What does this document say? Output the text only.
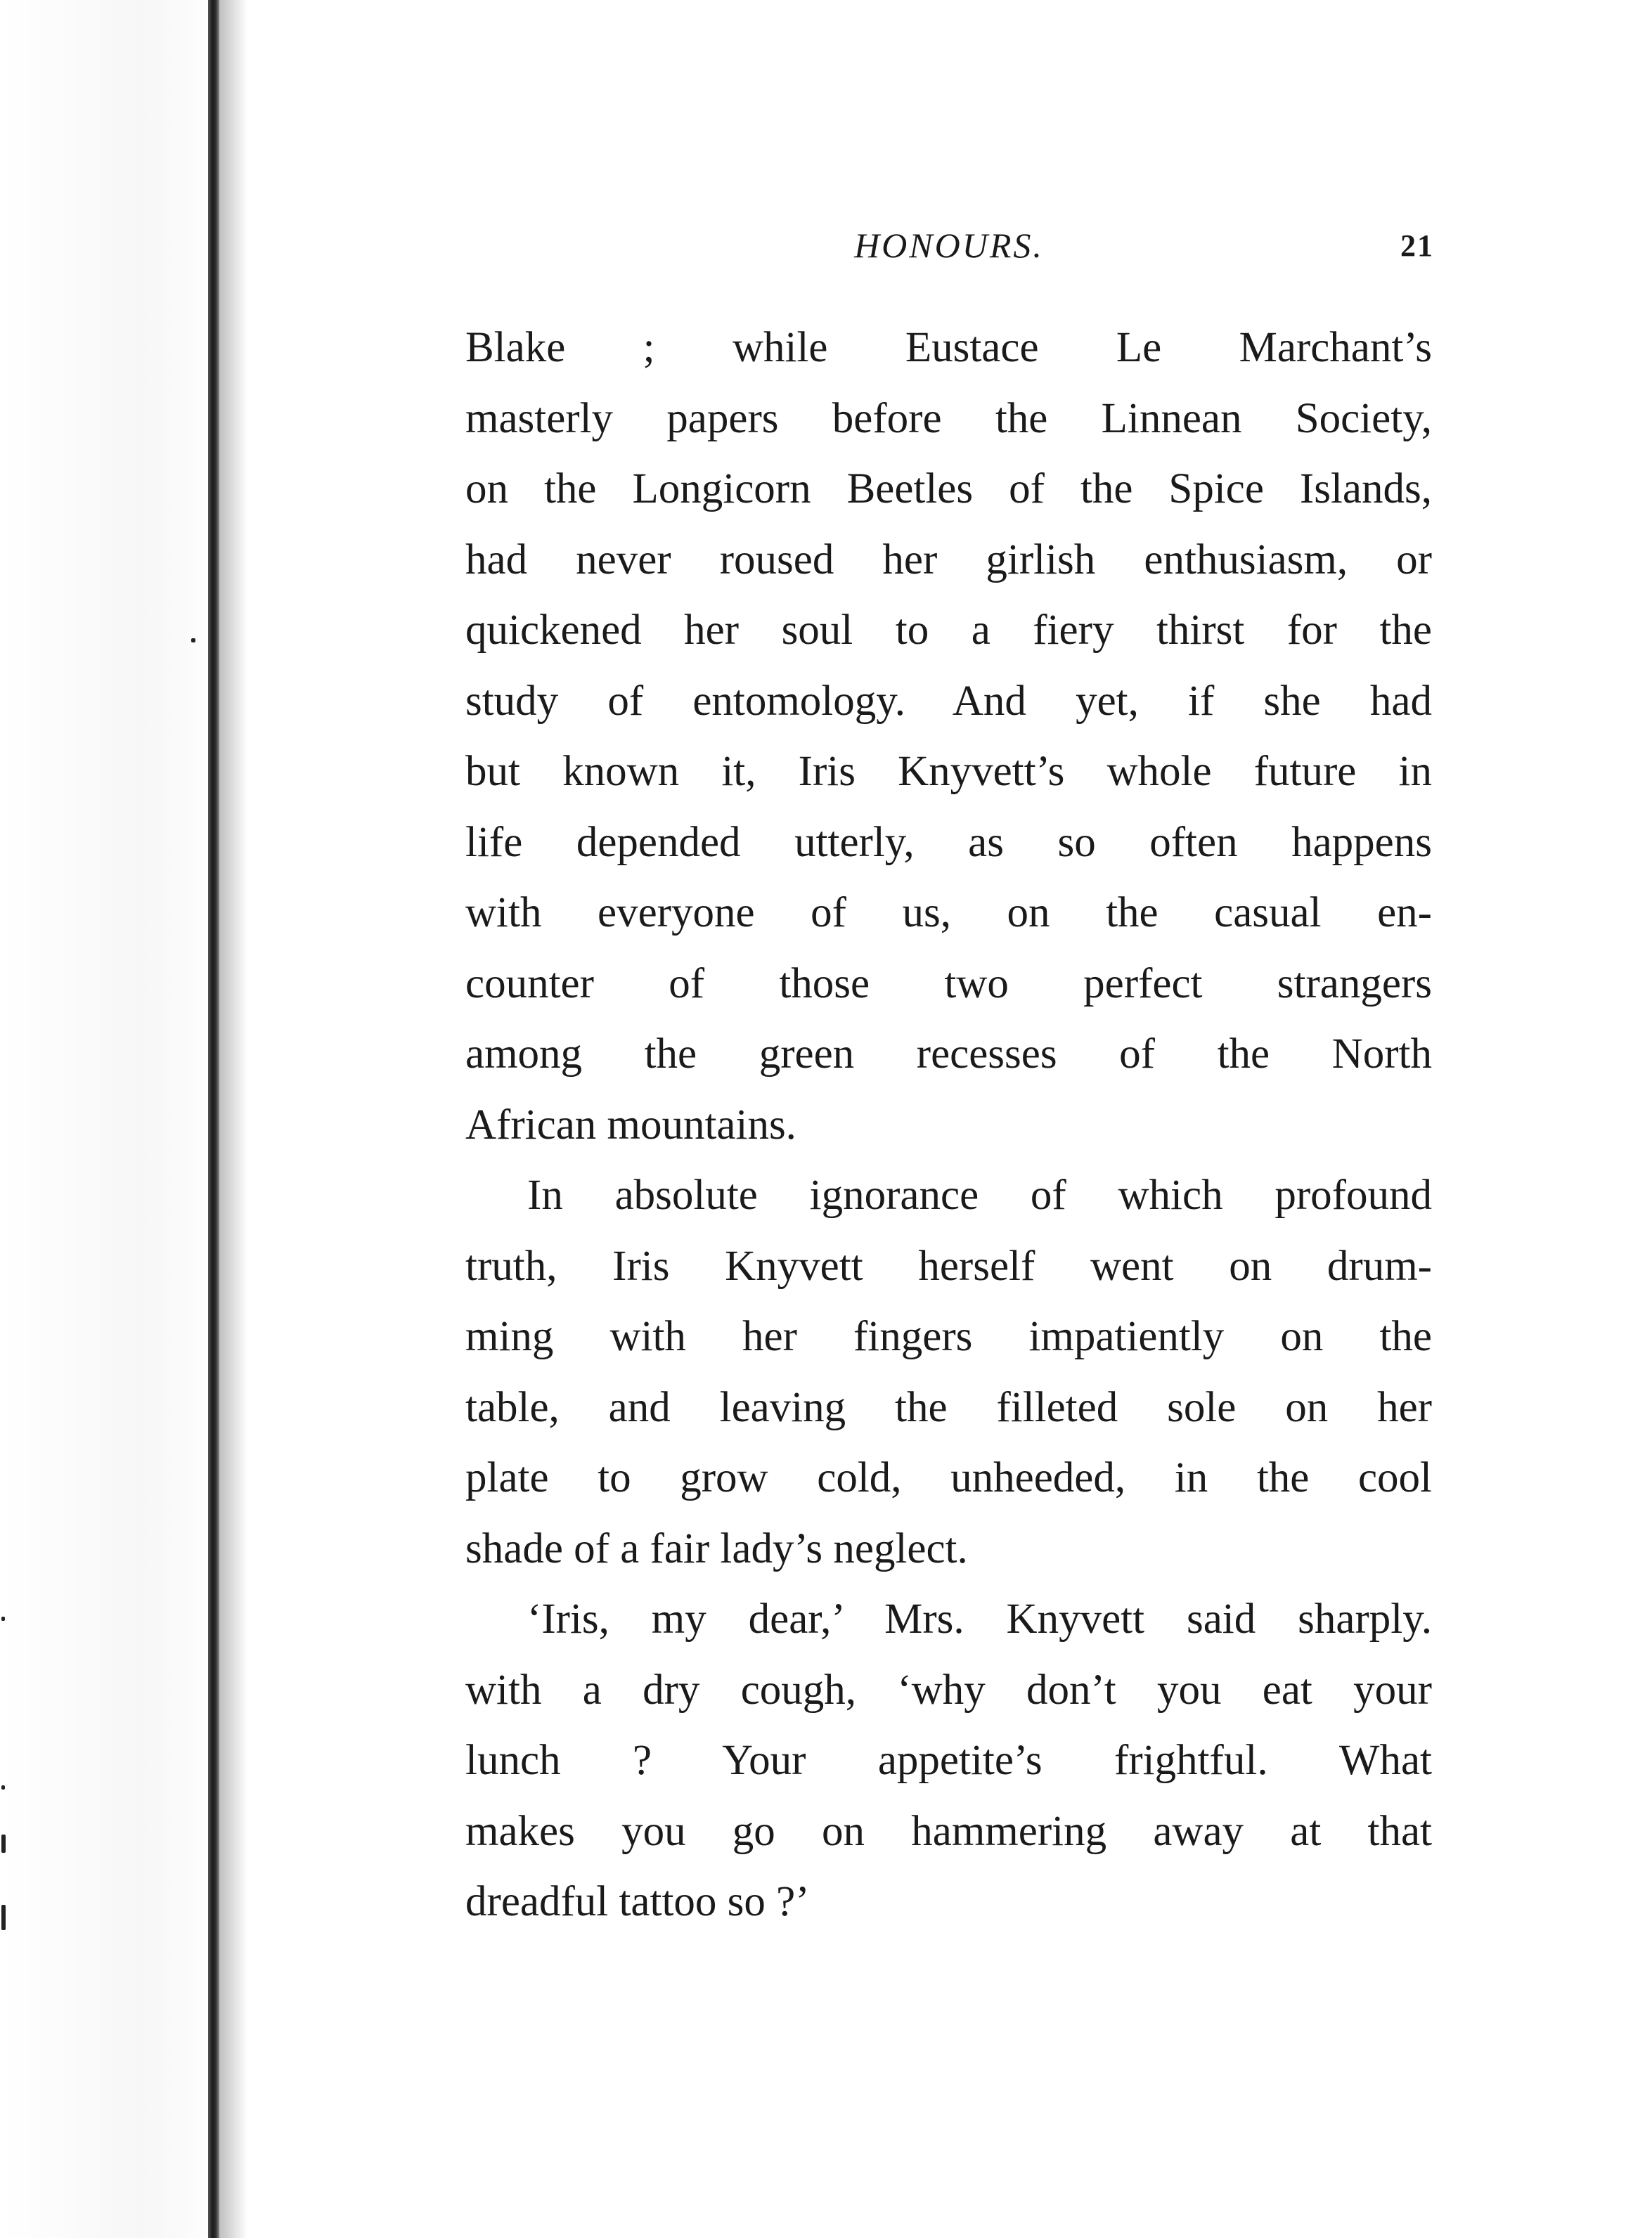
HONOURS.	21
Blake ; while Eustace Le Marchant’s
masterly papers before the Linnean Society,
on the Longicorn Beetles of the Spice Islands,
had never roused her girlish enthusiasm, or
quickened her soul to a fiery thirst for the
study of entomology. And yet, if she had
but known it, Iris Knyvett’s whole future in
life depended utterly, as so often happens
with everyone of us, on the casual en-
counter of those two perfect strangers
among the green recesses of the North
African mountains.
In absolute ignorance of which profound
truth, Iris Knyvett herself went on drum-
ming with her fingers impatiently on the
table, and leaving the filleted sole on her
plate to grow cold, unheeded, in the cool
shade of a fair lady’s neglect.
‘Iris, my dear,’ Mrs. Knyvett said sharply.
with a dry cough, ‘why don’t you eat your
lunch ? Your appetite’s frightful. What
makes you go on hammering away at that
dreadful tattoo so ?’
